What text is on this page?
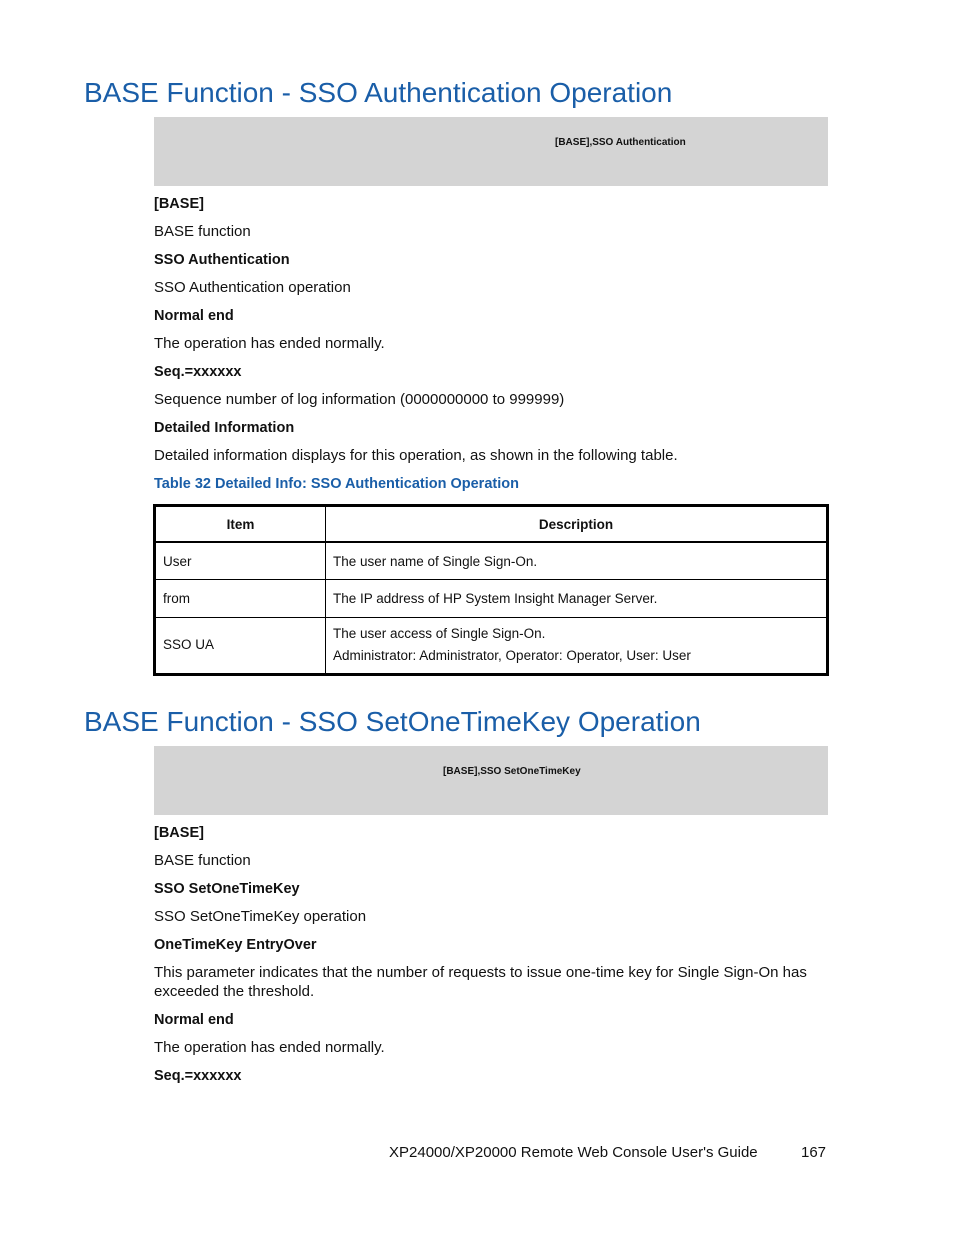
BASE Function - SSO Authentication Operation
[BASE],SSO Authentication
[BASE]
BASE function
SSO Authentication
SSO Authentication operation
Normal end
The operation has ended normally.
Seq.=xxxxxx
Sequence number of log information (0000000000 to 999999)
Detailed Information
Detailed information displays for this operation, as shown in the following table.
Table 32 Detailed Info: SSO Authentication Operation
Item	Description
User	The user name of Single Sign-On.
from	The IP address of HP System Insight Manager Server.
SSO UA	The user access of Single Sign-On.
Administrator: Administrator, Operator: Operator, User: User
BASE Function - SSO SetOneTimeKey Operation
[BASE],SSO SetOneTimeKey
[BASE]
BASE function
SSO SetOneTimeKey
SSO SetOneTimeKey operation
OneTimeKey EntryOver
This parameter indicates that the number of requests to issue one-time key for Single Sign-On has exceeded the threshold.
Normal end
The operation has ended normally.
Seq.=xxxxxx
XP24000/XP20000 Remote Web Console User's Guide	167
